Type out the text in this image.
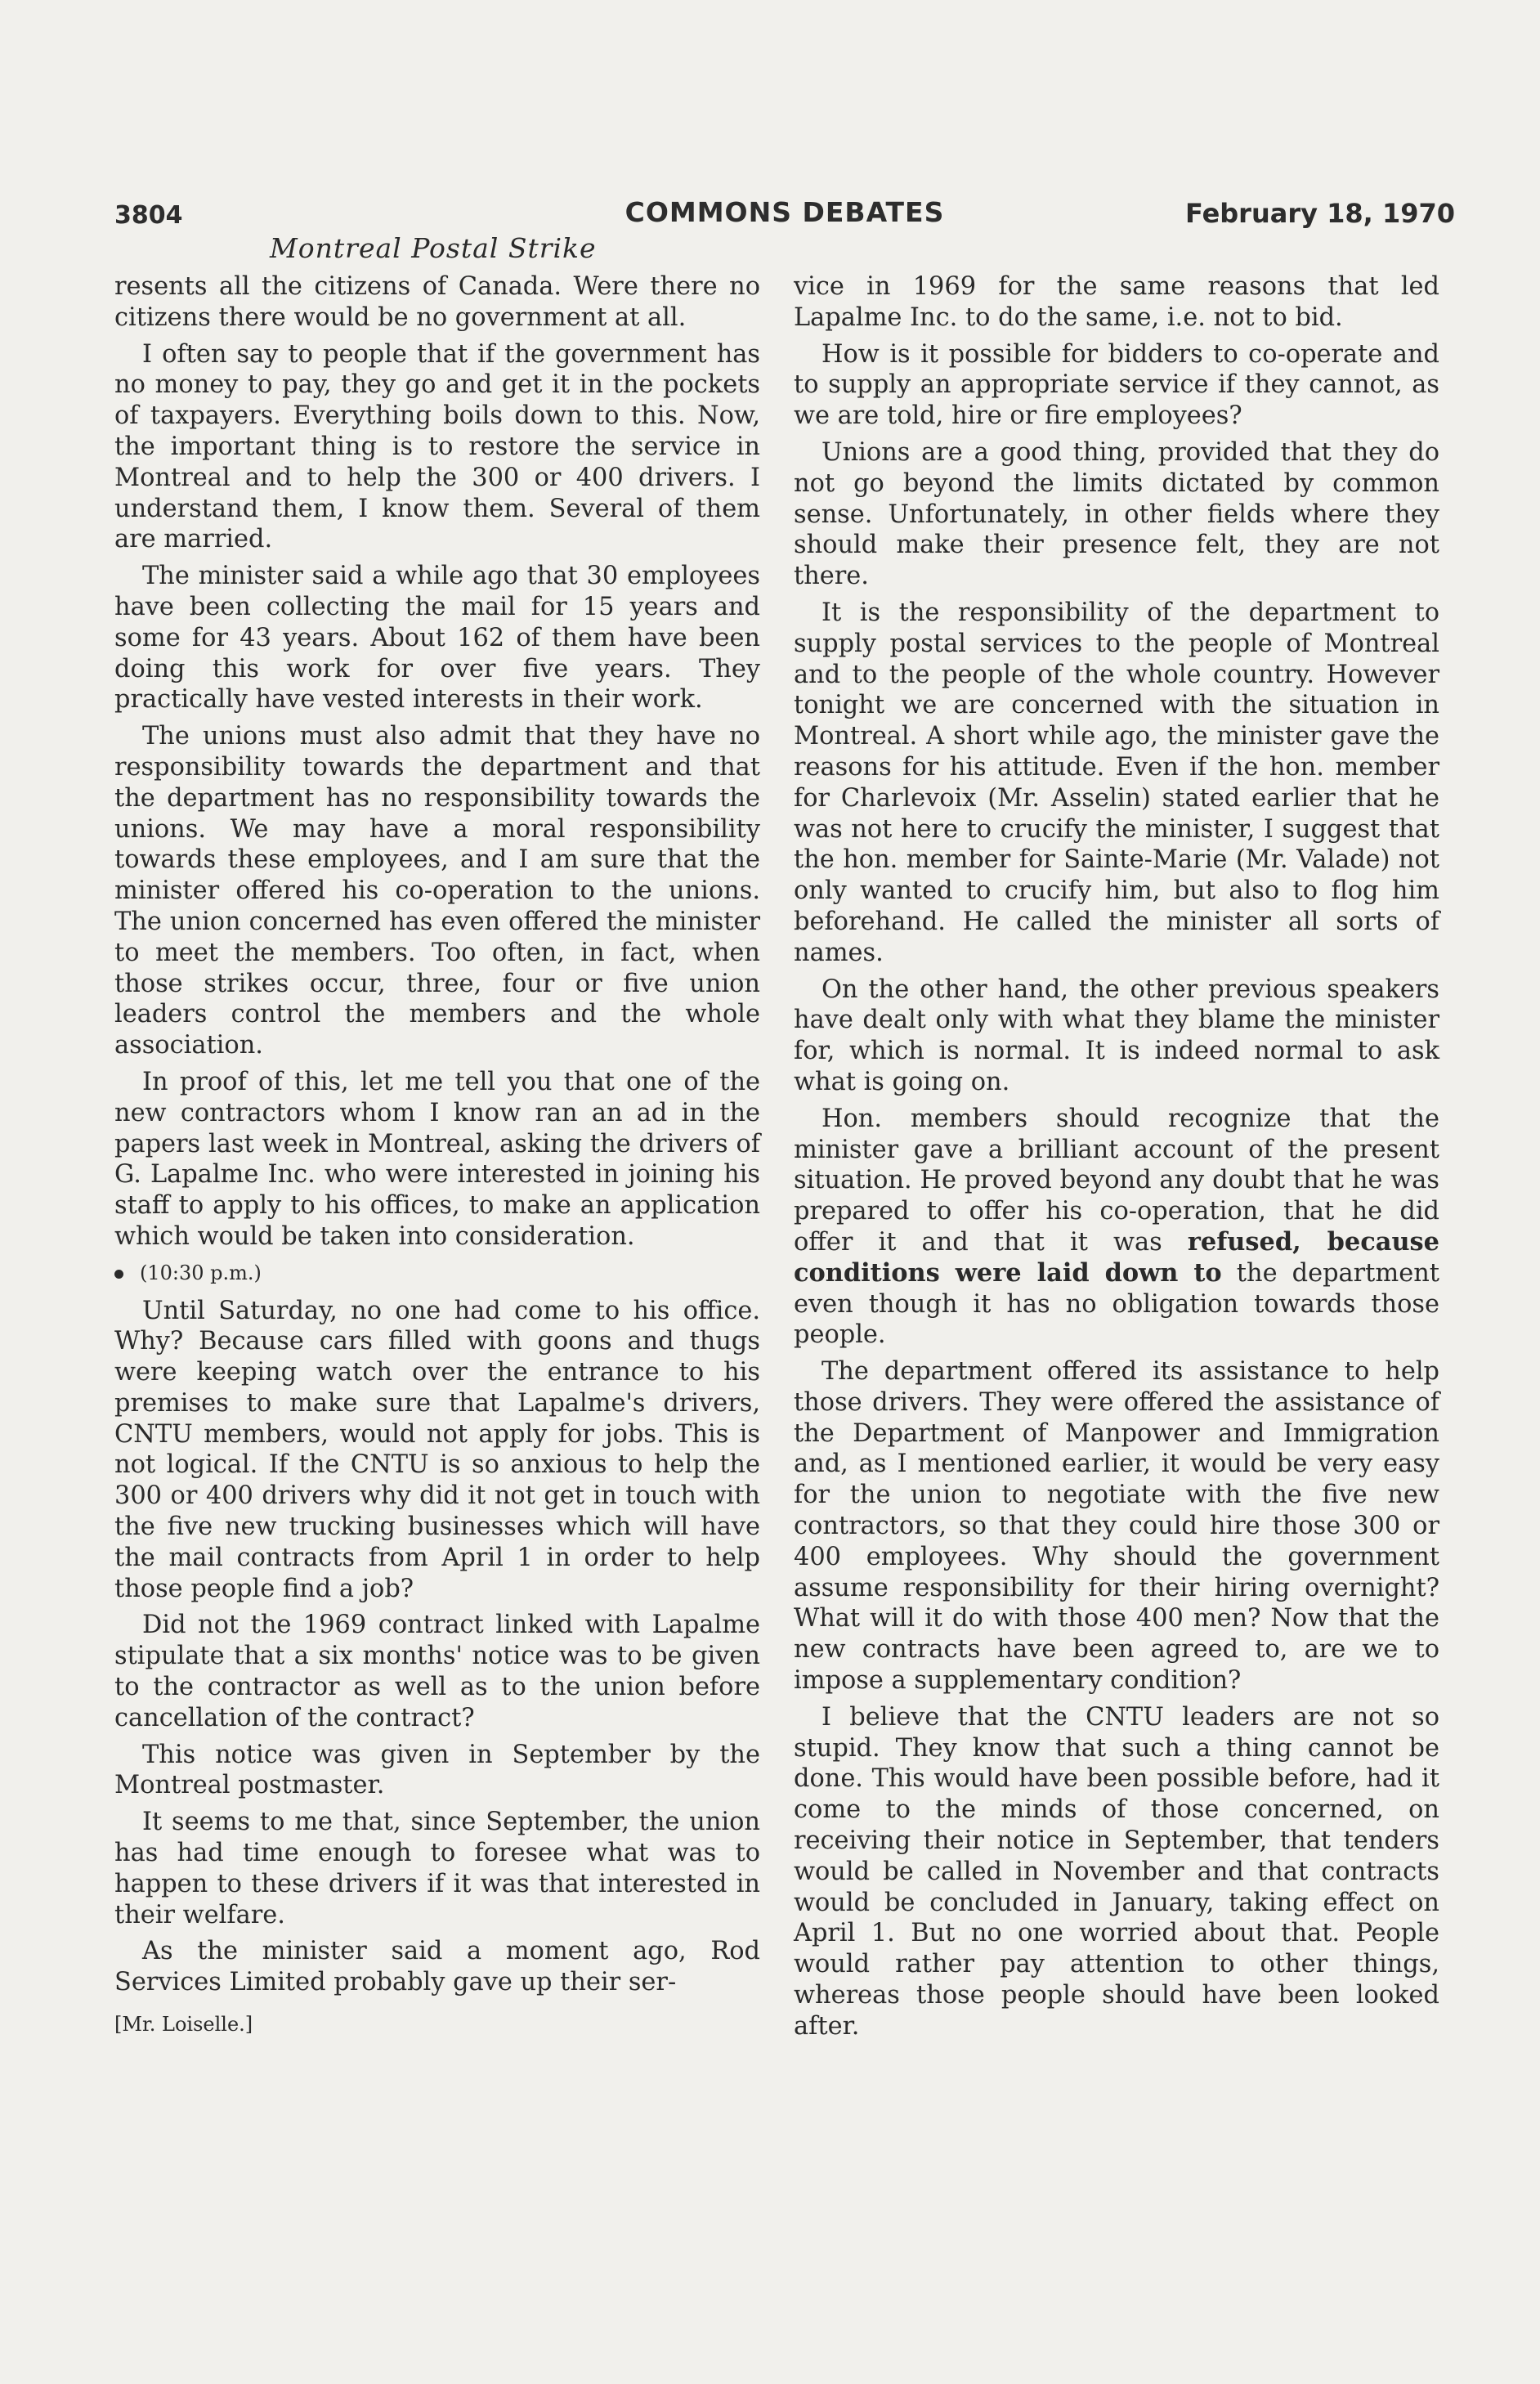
3804	COMMONS DEBATES	February 18, 1970
Montreal Postal Strike

resents all the citizens of Canada. Were there no citizens there would be no government at all.

I often say to people that if the government has no money to pay, they go and get it in the pockets of taxpayers. Everything boils down to this. Now, the important thing is to restore the service in Montreal and to help the 300 or 400 drivers. I understand them, I know them. Several of them are married.

The minister said a while ago that 30 employees have been collecting the mail for 15 years and some for 43 years. About 162 of them have been doing this work for over five years. They practically have vested interests in their work.

The unions must also admit that they have no responsibility towards the department and that the department has no responsibility towards the unions. We may have a moral responsibility towards these employees, and I am sure that the minister offered his co-operation to the unions. The union concerned has even offered the minister to meet the members. Too often, in fact, when those strikes occur, three, four or five union leaders control the members and the whole association.

In proof of this, let me tell you that one of the new contractors whom I know ran an ad in the papers last week in Montreal, asking the drivers of G. Lapalme Inc. who were interested in joining his staff to apply to his offices, to make an application which would be taken into consideration.

(10:30 p.m.)

Until Saturday, no one had come to his office. Why? Because cars filled with goons and thugs were keeping watch over the entrance to his premises to make sure that Lapalme's drivers, CNTU members, would not apply for jobs. This is not logical. If the CNTU is so anxious to help the 300 or 400 drivers why did it not get in touch with the five new trucking businesses which will have the mail contracts from April 1 in order to help those people find a job?

Did not the 1969 contract linked with Lapalme stipulate that a six months' notice was to be given to the contractor as well as to the union before cancellation of the contract?

This notice was given in September by the Montreal postmaster.

It seems to me that, since September, the union has had time enough to foresee what was to happen to these drivers if it was that interested in their welfare.

As the minister said a moment ago, Rod Services Limited probably gave up their ser-

[Mr. Loiselle.]

vice in 1969 for the same reasons that led Lapalme Inc. to do the same, i.e. not to bid.

How is it possible for bidders to co-operate and to supply an appropriate service if they cannot, as we are told, hire or fire employees?

Unions are a good thing, provided that they do not go beyond the limits dictated by common sense. Unfortunately, in other fields where they should make their presence felt, they are not there.

It is the responsibility of the department to supply postal services to the people of Montreal and to the people of the whole country. However tonight we are concerned with the situation in Montreal. A short while ago, the minister gave the reasons for his attitude. Even if the hon. member for Charlevoix (Mr. Asselin) stated earlier that he was not here to crucify the minister, I suggest that the hon. member for Sainte-Marie (Mr. Valade) not only wanted to crucify him, but also to flog him beforehand. He called the minister all sorts of names.

On the other hand, the other previous speakers have dealt only with what they blame the minister for, which is normal. It is indeed normal to ask what is going on.

Hon. members should recognize that the minister gave a brilliant account of the present situation. He proved beyond any doubt that he was prepared to offer his co-operation, that he did offer it and that it was refused, because conditions were laid down to the department even though it has no obligation towards those people.

The department offered its assistance to help those drivers. They were offered the assistance of the Department of Manpower and Immigration and, as I mentioned earlier, it would be very easy for the union to negotiate with the five new contractors, so that they could hire those 300 or 400 employees. Why should the government assume responsibility for their hiring overnight? What will it do with those 400 men? Now that the new contracts have been agreed to, are we to impose a supplementary condition?

I believe that the CNTU leaders are not so stupid. They know that such a thing cannot be done. This would have been possible before, had it come to the minds of those concerned, on receiving their notice in September, that tenders would be called in November and that contracts would be concluded in January, taking effect on April 1. But no one worried about that. People would rather pay attention to other things, whereas those people should have been looked after.
